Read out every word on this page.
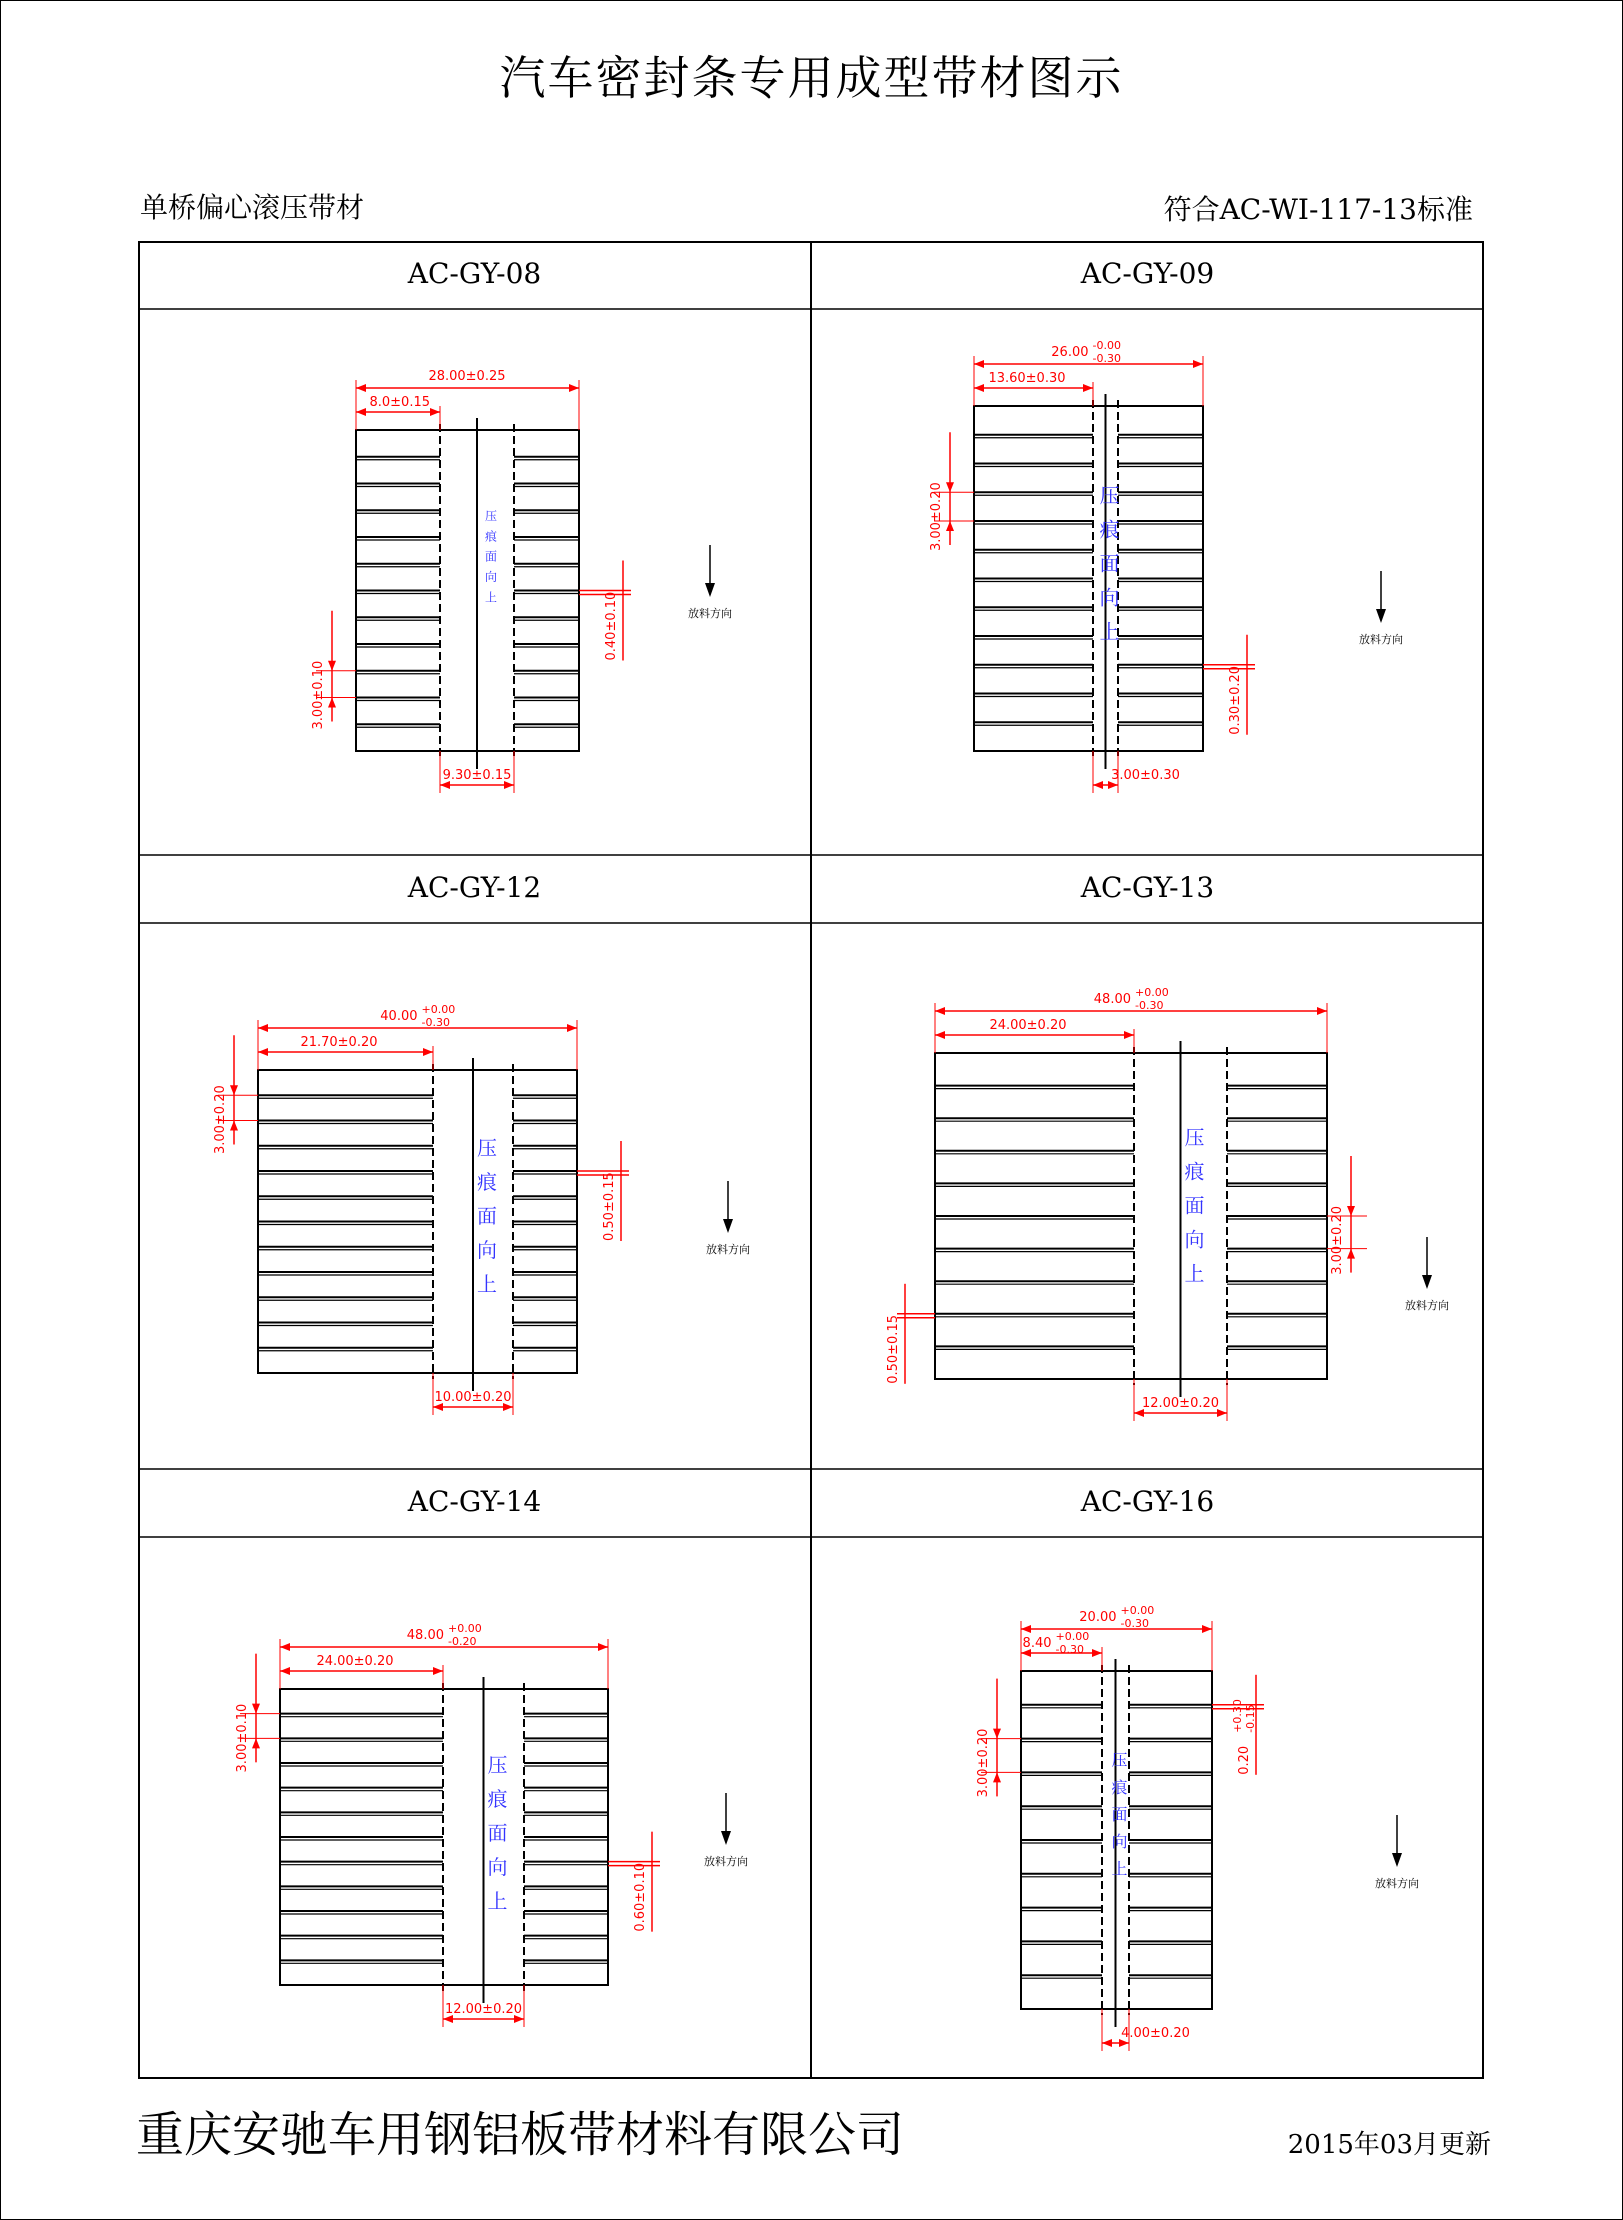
汽车密封条专用成型带材图示
单桥偏心滚压带材	符合AC-WI-117-13标准
AC-GY-08	AC-GY-09
压
痕
面
向
上
28.00±0.25
8.0±0.15
9.30±0.15
3.00±0.10
0.40±0.10	放料方向
压
痕
面
向
上
26.00 -0.00
-0.30
13.60±0.30
3.00±0.30
3.00±0.20
0.30±0.20
放料方向
AC-GY-12	AC-GY-13
压
痕
面
向
上
40.00 +0.00
-0.30
21.70±0.20
10.00±0.20
3.00±0.20
0.50±0.15
放料方向
压
痕
面
向
上
48.00 +0.00
-0.30
24.00±0.20
12.00±0.20
3.00±0.20
0.50±0.15
放料方向
AC-GY-14	AC-GY-16
压
痕
面
向
上
48.00 +0.00
-0.20
24.00±0.20
12.00±0.20
3.00±0.10
0.60±0.10
放料方向
压
痕
面
向
上
20.00 +0.00
-0.30
8.40 +0.00
-0.30
4.00±0.20
3.00±0.20	0.20
+0.30 -0.15
放料方向
重庆安驰车用钢铝板带材料有限公司	2015年03月更新
